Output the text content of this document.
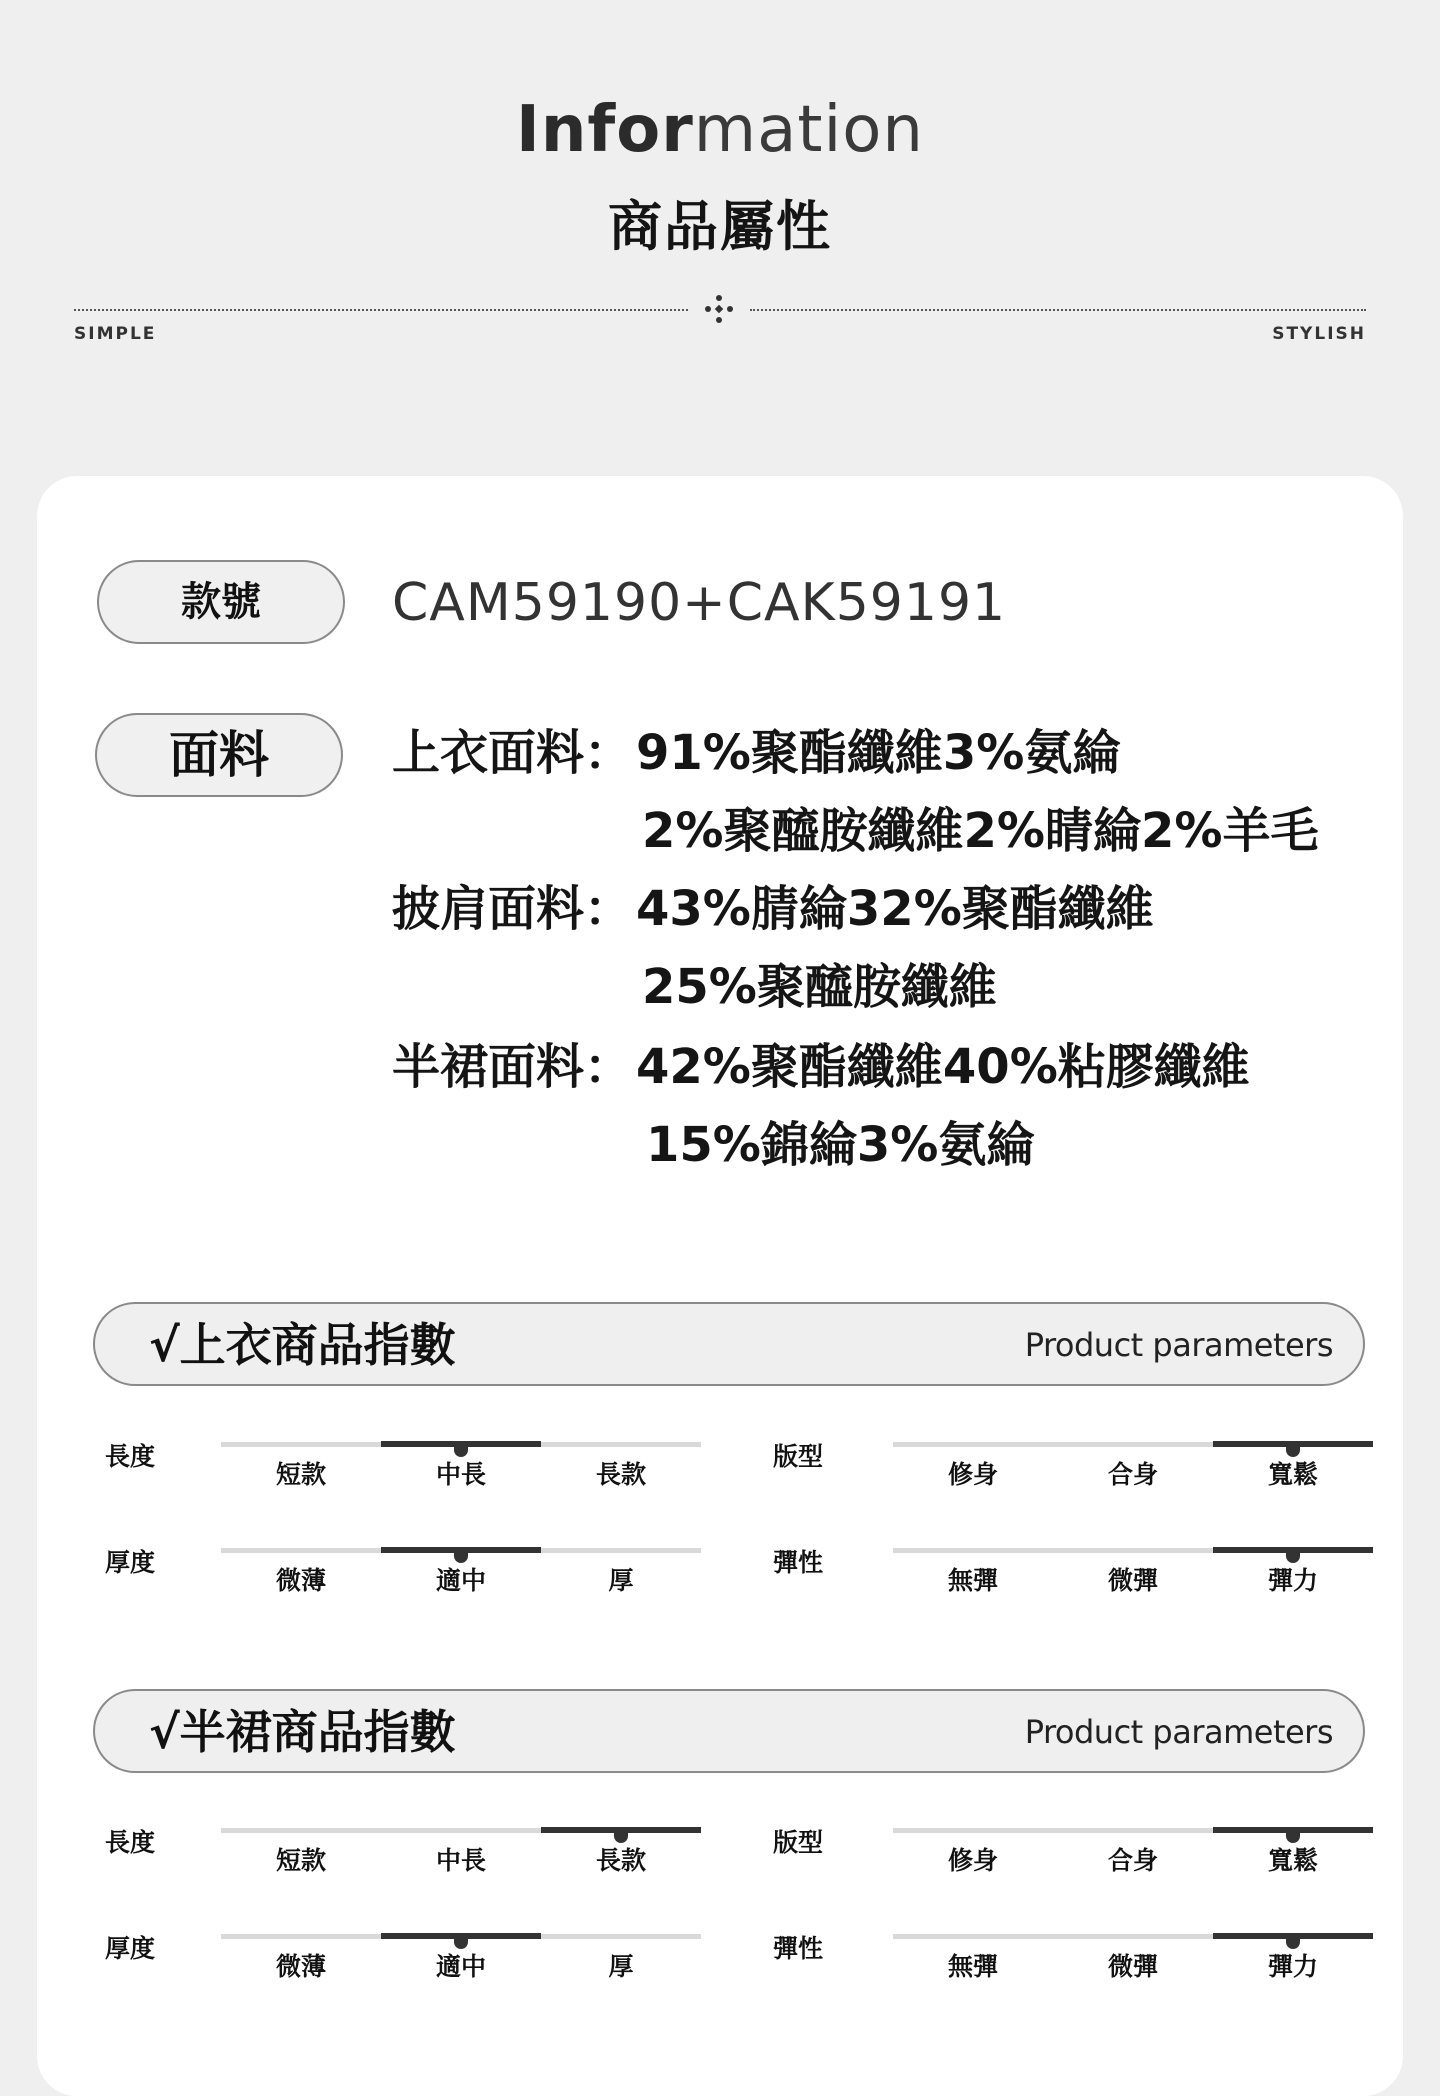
Information
商品屬性
SIMPLE	STYLISH
款號	CAM59190+CAK59191
面料	上衣面料： 91%聚酯纖維3%氨綸
2%聚醯胺纖維2%睛綸2%羊毛
披肩面料： 43%腈綸32%聚酯纖維
25%聚醯胺纖維
半裙面料： 42%聚酯纖維40%粘膠纖維
15%錦綸3%氨綸
√上衣商品指數	Product parameters
√半裙商品指數	Product parameters
長度
短款	中長	長款
版型
修身	合身	寬鬆
厚度
微薄	適中	厚
彈性
無彈	微彈	彈力
長度
短款	中長	長款
版型
修身	合身	寬鬆
厚度
微薄	適中	厚
彈性
無彈	微彈	彈力
